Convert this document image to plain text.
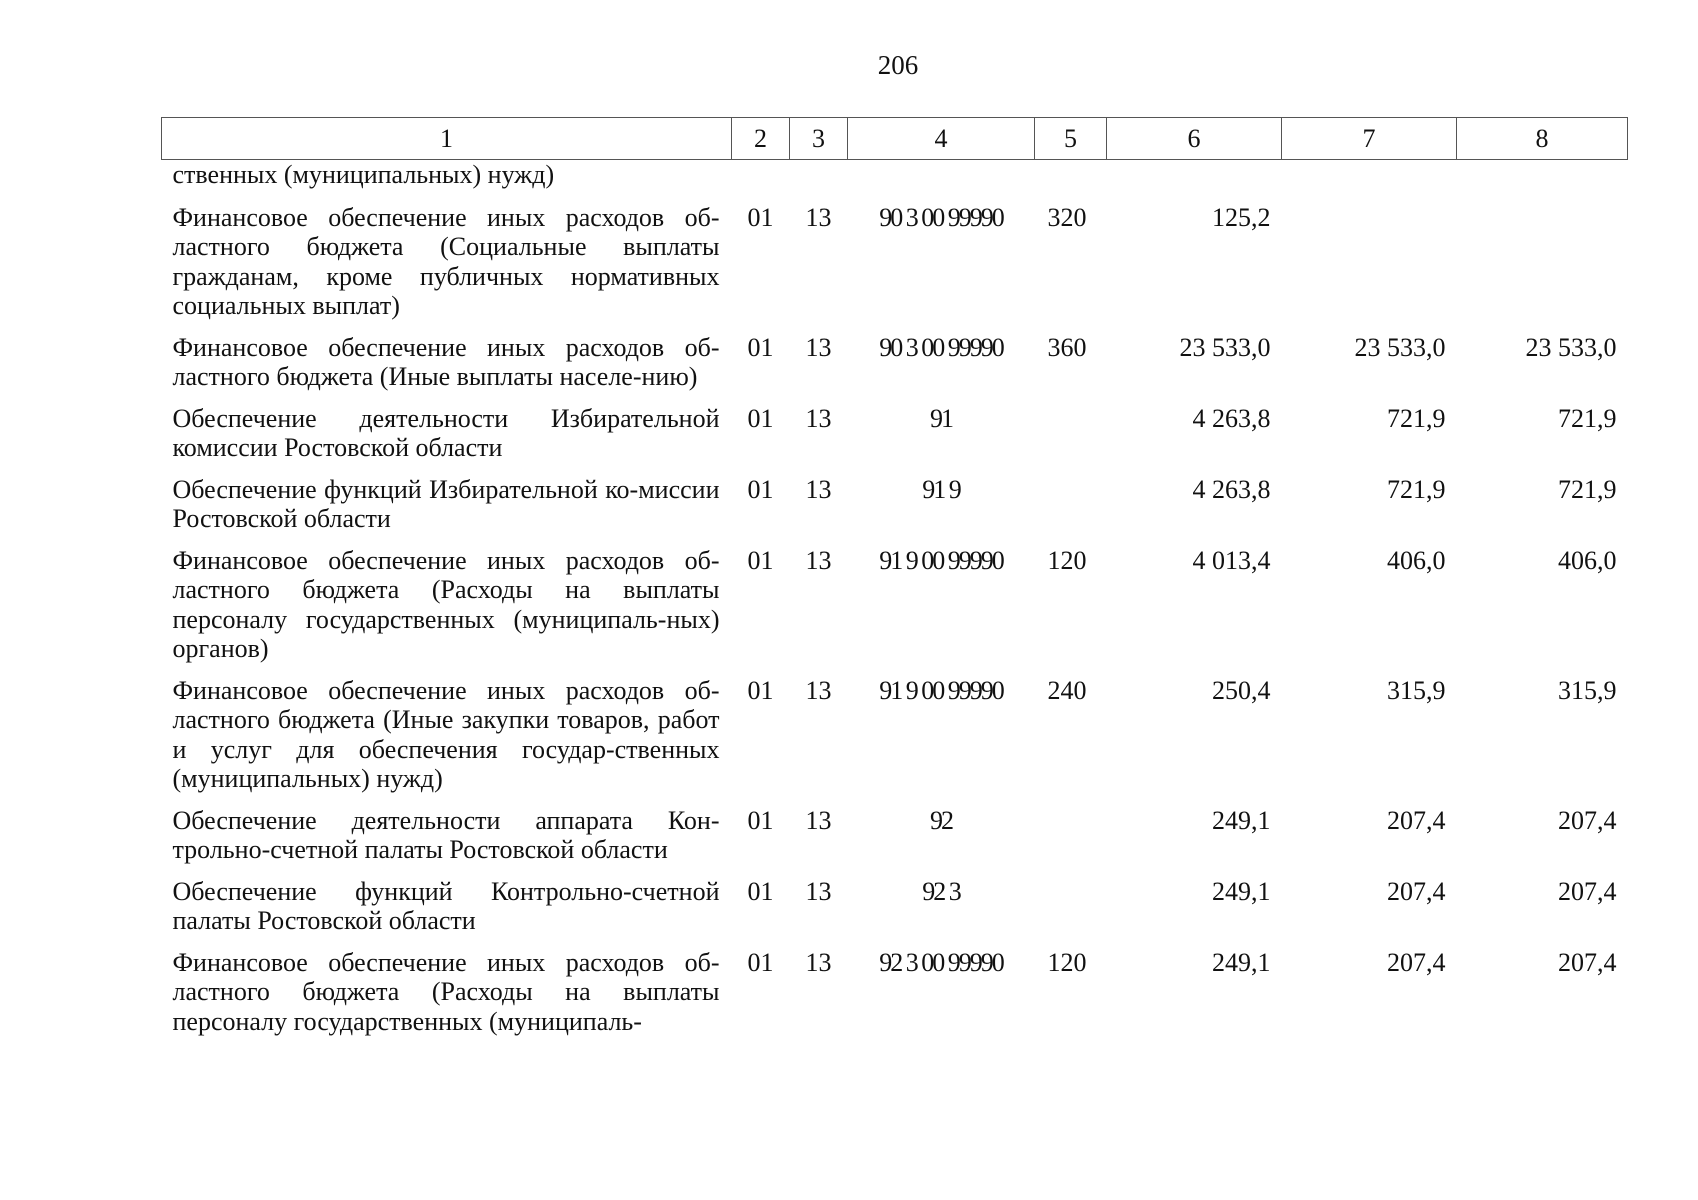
206
1	2	3	4	5	6	7	8
ственных (муниципальных) нужд)							
Финансовое обеспечение иных расходов об-ластного бюджета (Социальные выплаты гражданам, кроме публичных нормативных социальных выплат)	01	13	90 3 00 99990	320	125,2		
Финансовое обеспечение иных расходов об-ластного бюджета (Иные выплаты населе-нию)	01	13	90 3 00 99990	360	23 533,0	23 533,0	23 533,0
Обеспечение деятельности Избирательной комиссии Ростовской области	01	13	91		4 263,8	721,9	721,9
Обеспечение функций Избирательной ко-миссии Ростовской области	01	13	91 9		4 263,8	721,9	721,9
Финансовое обеспечение иных расходов об-ластного бюджета (Расходы на выплаты персоналу государственных (муниципаль-ных) органов)	01	13	91 9 00 99990	120	4 013,4	406,0	406,0
Финансовое обеспечение иных расходов об-ластного бюджета (Иные закупки товаров, работ и услуг для обеспечения государ-ственных (муниципальных) нужд)	01	13	91 9 00 99990	240	250,4	315,9	315,9
Обеспечение деятельности аппарата Кон-трольно-счетной палаты Ростовской области	01	13	92		249,1	207,4	207,4
Обеспечение функций Контрольно-счетной палаты Ростовской области	01	13	92 3		249,1	207,4	207,4
Финансовое обеспечение иных расходов об-ластного бюджета (Расходы на выплаты персоналу государственных (муниципаль-	01	13	92 3 00 99990	120	249,1	207,4	207,4
